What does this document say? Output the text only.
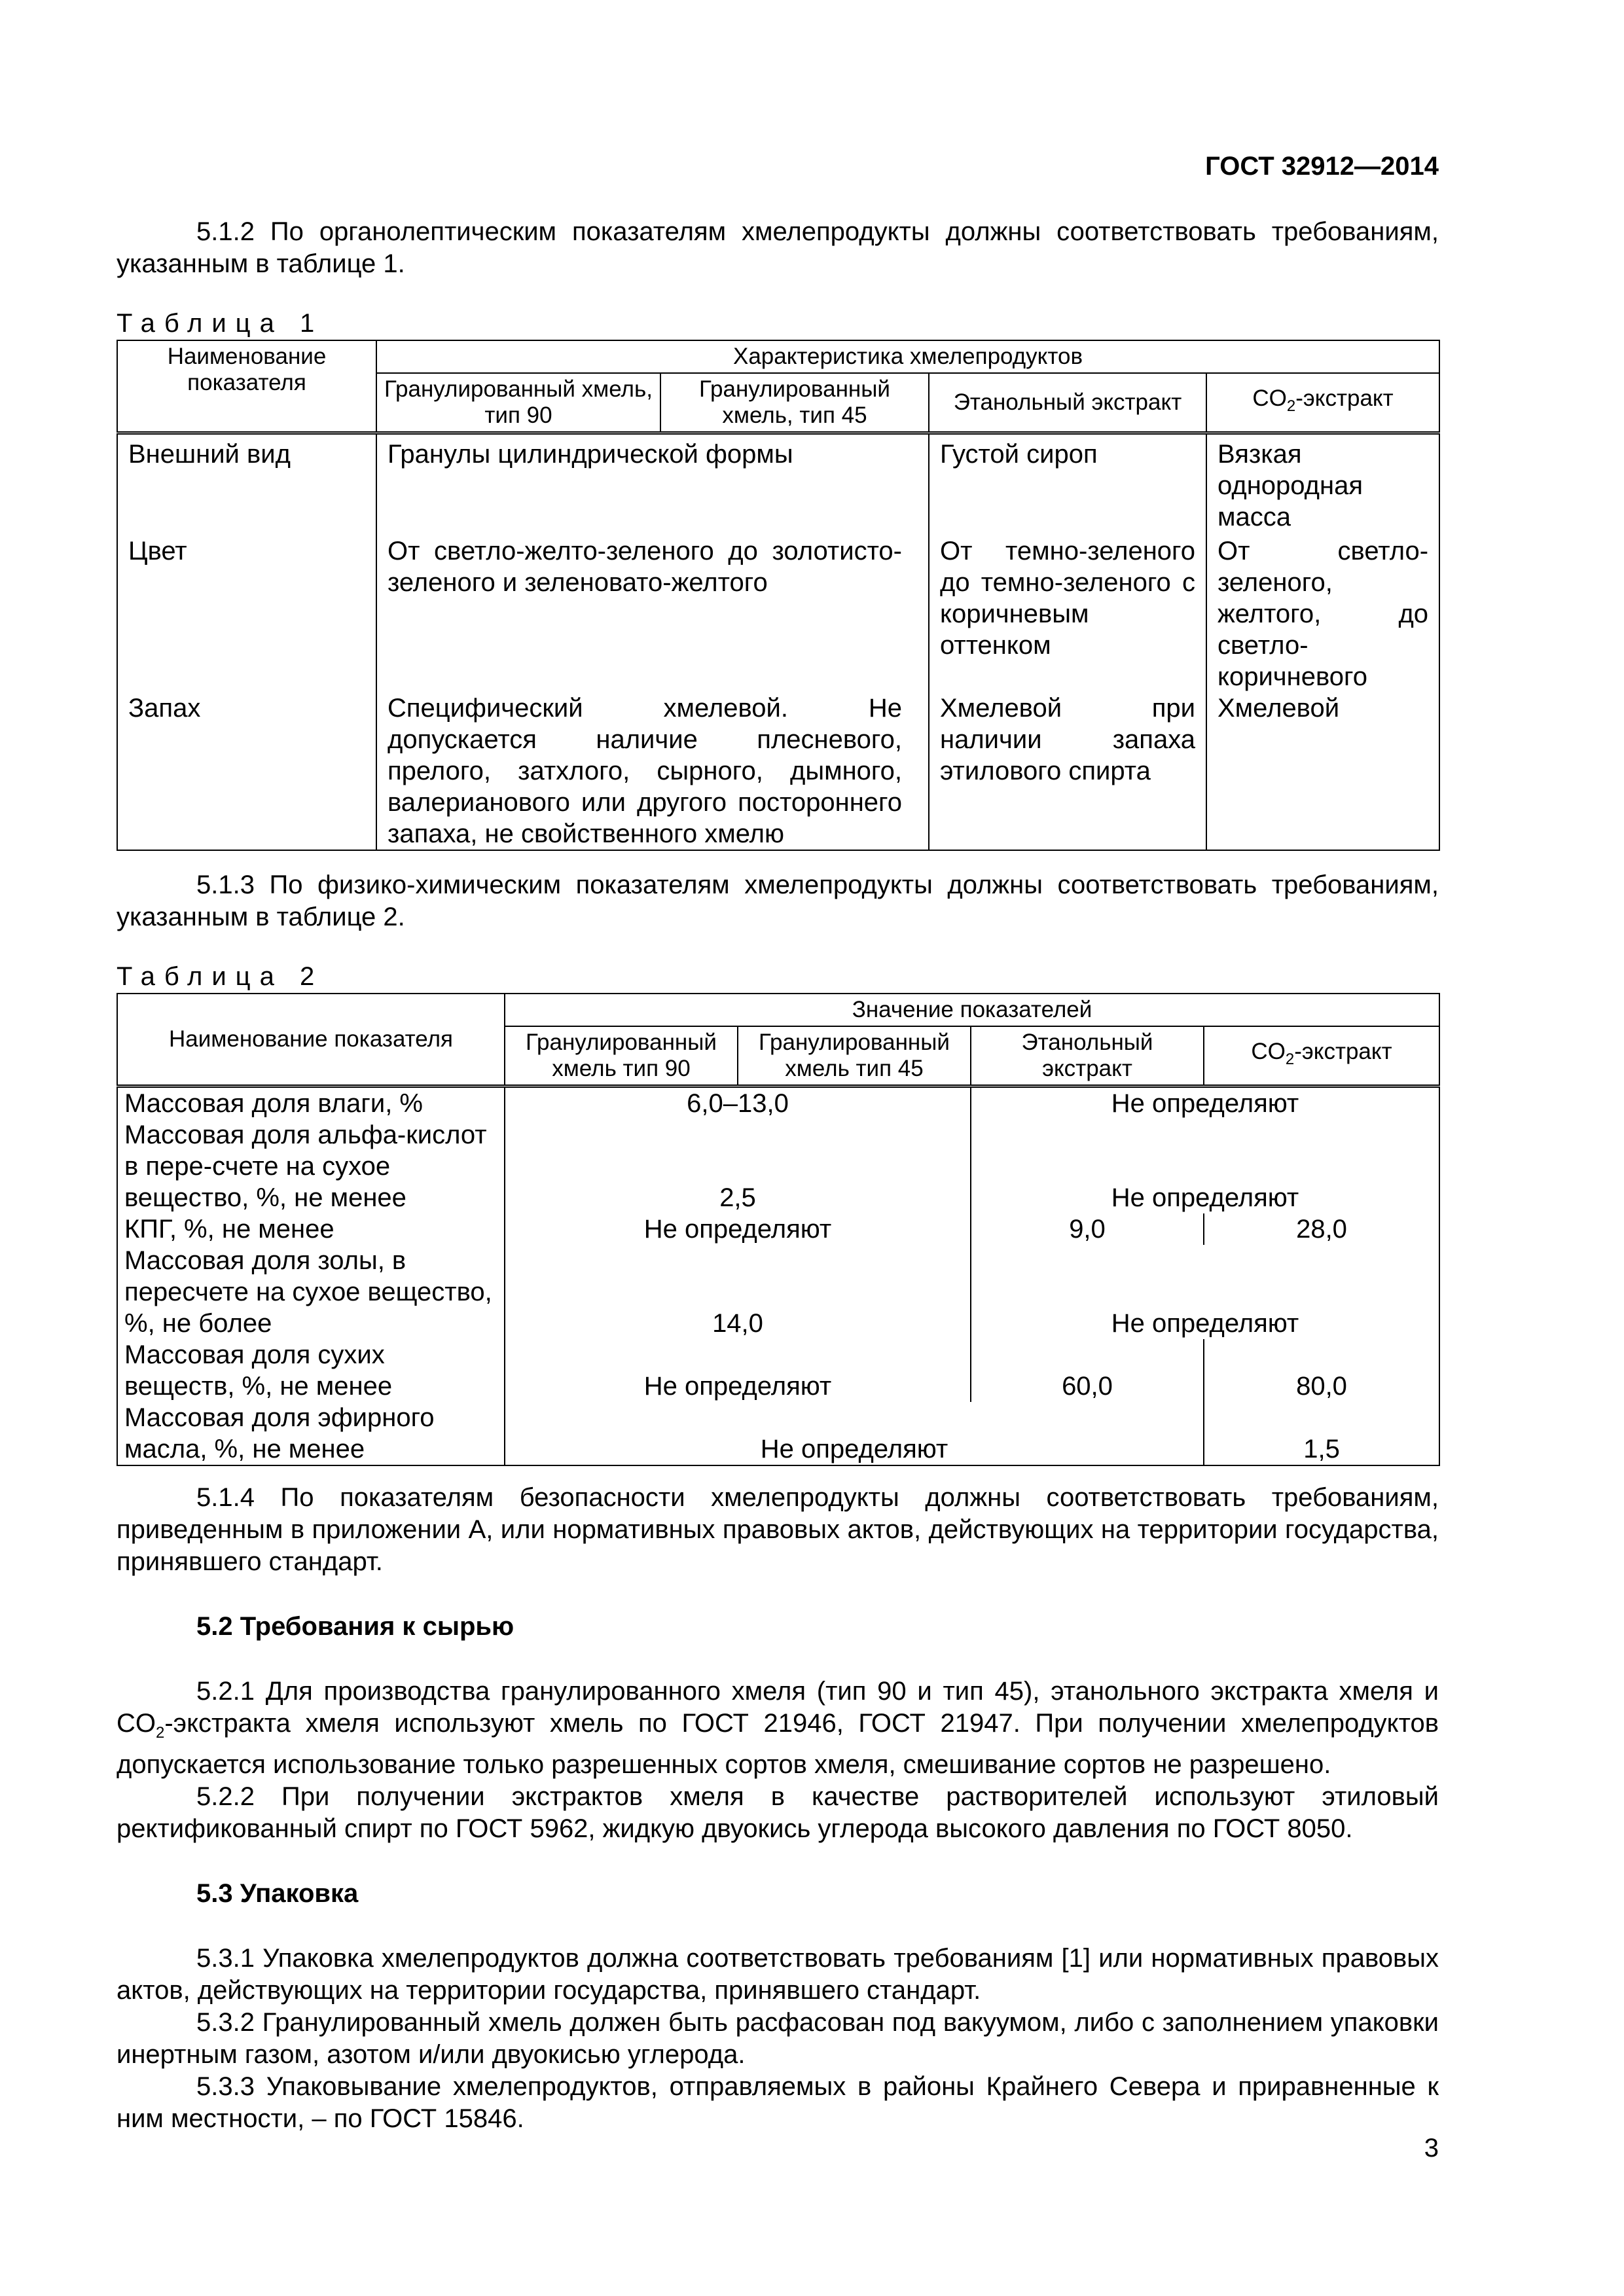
ГОСТ 32912—2014

5.1.2 По органолептическим показателям хмелепродукты должны соответствовать требованиям, указанным в таблице 1.

Таблица 1
Наименование показателя	Характеристика хмелепродуктов			
	Гранулированный хмель, тип 90	Гранулированный хмель, тип 45	Этанольный экстракт	$CO_2$-экстракт
Внешний вид	Гранулы цилиндрической формы		Густой сироп	Вязкая однородная масса
Цвет	От светло-желто-зеленого до золотисто-зеленого и зеленовато-желтого		От темно-зеленого до темно-зеленого с коричневым оттенком	От светло-зеленого, желтого, до светло-коричневого
Запах	Специфический хмелевой. Не допускается наличие плесневого, прелого, затхлого, сырного, дымного, валерианового или другого постороннего запаха, не свойственного хмелю		Хмелевой при наличии запаха этилового спирта	Хмелевой

5.1.3 По физико-химическим показателям хмелепродукты должны соответствовать требованиям, указанным в таблице 2.

Таблица 2
Наименование показателя	Значение показателей			
	Гранулированный хмель тип 90	Гранулированный хмель тип 45	Этанольный экстракт	$CO_2$-экстракт
Массовая доля влаги, %	6,0–13,0		Не определяют	
Массовая доля альфа-кислот в пере-счете на сухое вещество, %, не менее	2,5		Не определяют	
КПГ, %, не менее	Не определяют		9,0	28,0
Массовая доля золы, в пересчете на сухое вещество, %, не более	14,0		Не определяют	
Массовая доля сухих веществ, %, не менее	Не определяют		60,0	80,0
Массовая доля эфирного масла, %, не менее	Не определяют			1,5

5.1.4 По показателям безопасности хмелепродукты должны соответствовать требованиям, приведенным в приложении А, или нормативных правовых актов, действующих на территории государства, принявшего стандарт.

5.2 Требования к сырью

5.2.1 Для производства гранулированного хмеля (тип 90 и тип 45), этанольного экстракта хмеля и $CO_2$-экстракта хмеля используют хмель по ГОСТ 21946, ГОСТ 21947. При получении хмелепродуктов допускается использование только разрешенных сортов хмеля, смешивание сортов не разрешено.

5.2.2 При получении экстрактов хмеля в качестве растворителей используют этиловый ректификованный спирт по ГОСТ 5962, жидкую двуокись углерода высокого давления по ГОСТ 8050.

5.3 Упаковка

5.3.1 Упаковка хмелепродуктов должна соответствовать требованиям [1] или нормативных правовых актов, действующих на территории государства, принявшего стандарт.

5.3.2 Гранулированный хмель должен быть расфасован под вакуумом, либо с заполнением упаковки инертным газом, азотом и/или двуокисью углерода.

5.3.3 Упаковывание хмелепродуктов, отправляемых в районы Крайнего Севера и приравненные к ним местности, – по ГОСТ 15846.

3
